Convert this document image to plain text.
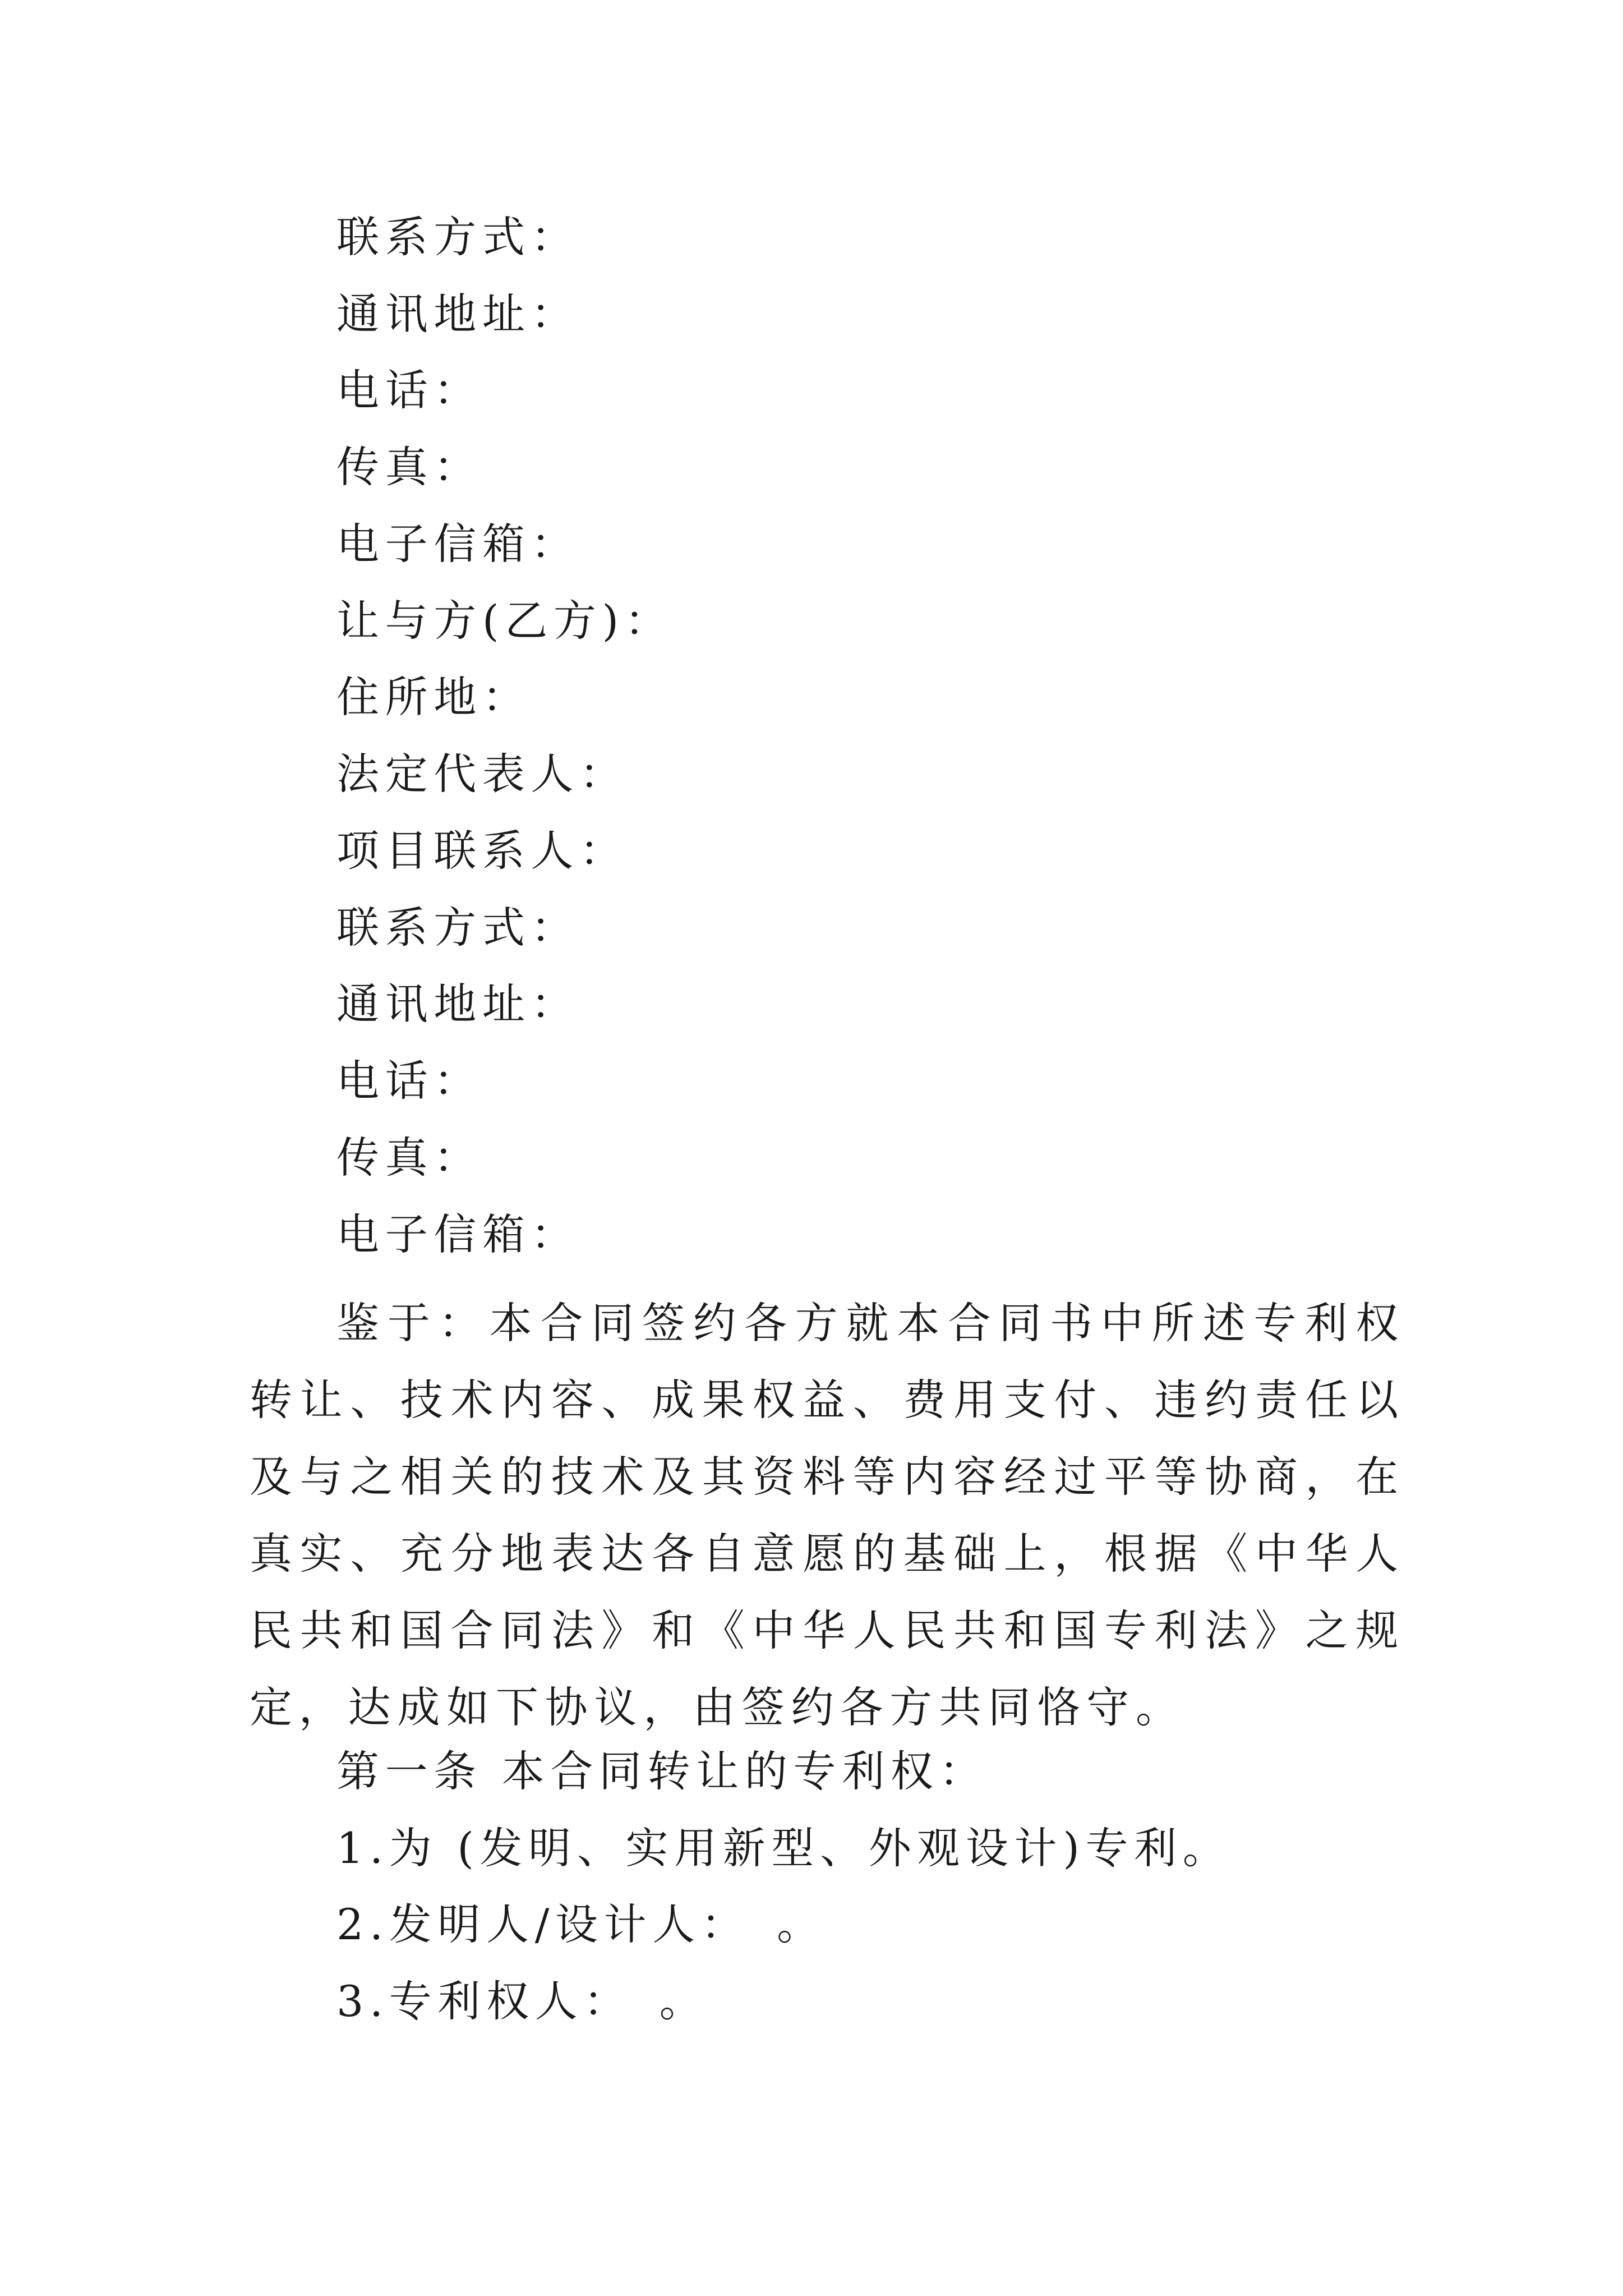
联系方式：
通讯地址：
电话：
传真：
电子信箱：
让与方(乙方)：
住所地：
法定代表人：
项目联系人：
联系方式：
通讯地址：
电话：
传真：
电子信箱：

鉴于：本合同签约各方就本合同书中所述专利权转让、技术内容、成果权益、费用支付、违约责任以及与之相关的技术及其资料等内容经过平等协商，在真实、充分地表达各自意愿的基础上，根据《中华人民共和国合同法》和《中华人民共和国专利法》之规定，达成如下协议，由签约各方共同恪守。

第一条 本合同转让的专利权：
1.为 (发明、实用新型、外观设计)专利。
2.发明人/设计人：　。
3.专利权人：　。
